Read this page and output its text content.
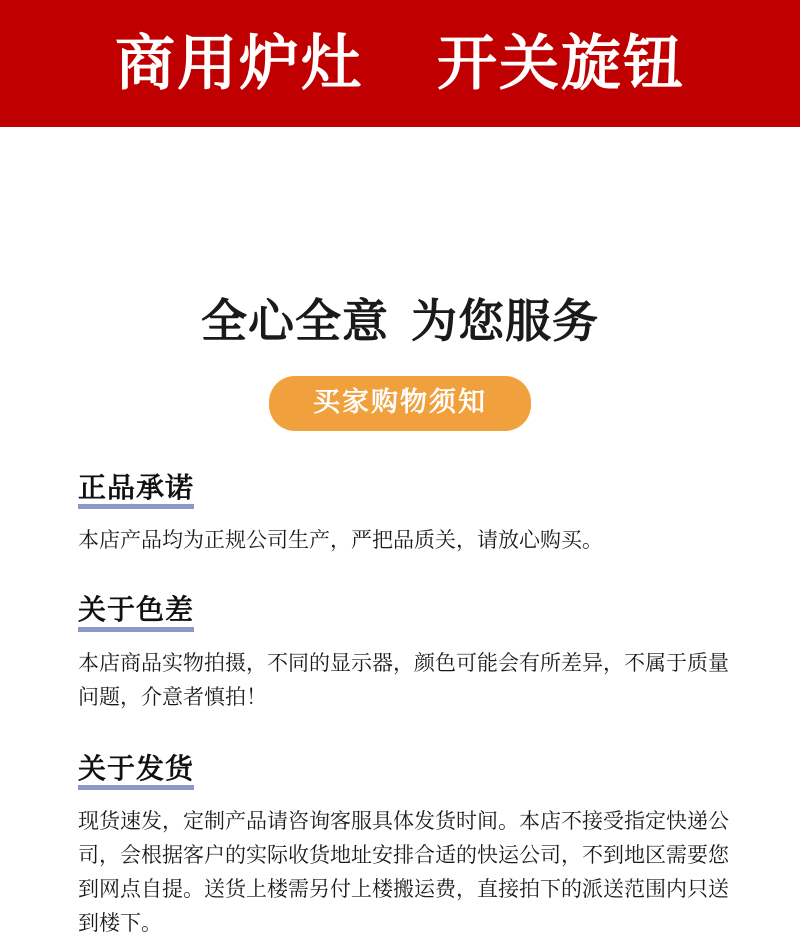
商用炉灶 开关旋钮
全心全意 为您服务
买家购物须知
正品承诺
本店产品均为正规公司生产，严把品质关，请放心购买。
关于色差
本店商品实物拍摄，不同的显示器，颜色可能会有所差异，不属于质量问题，介意者慎拍！
关于发货
现货速发，定制产品请咨询客服具体发货时间。本店不接受指定快递公司，会根据客户的实际收货地址安排合适的快运公司，不到地区需要您到网点自提。送货上楼需另付上楼搬运费，直接拍下的派送范围内只送到楼下。
